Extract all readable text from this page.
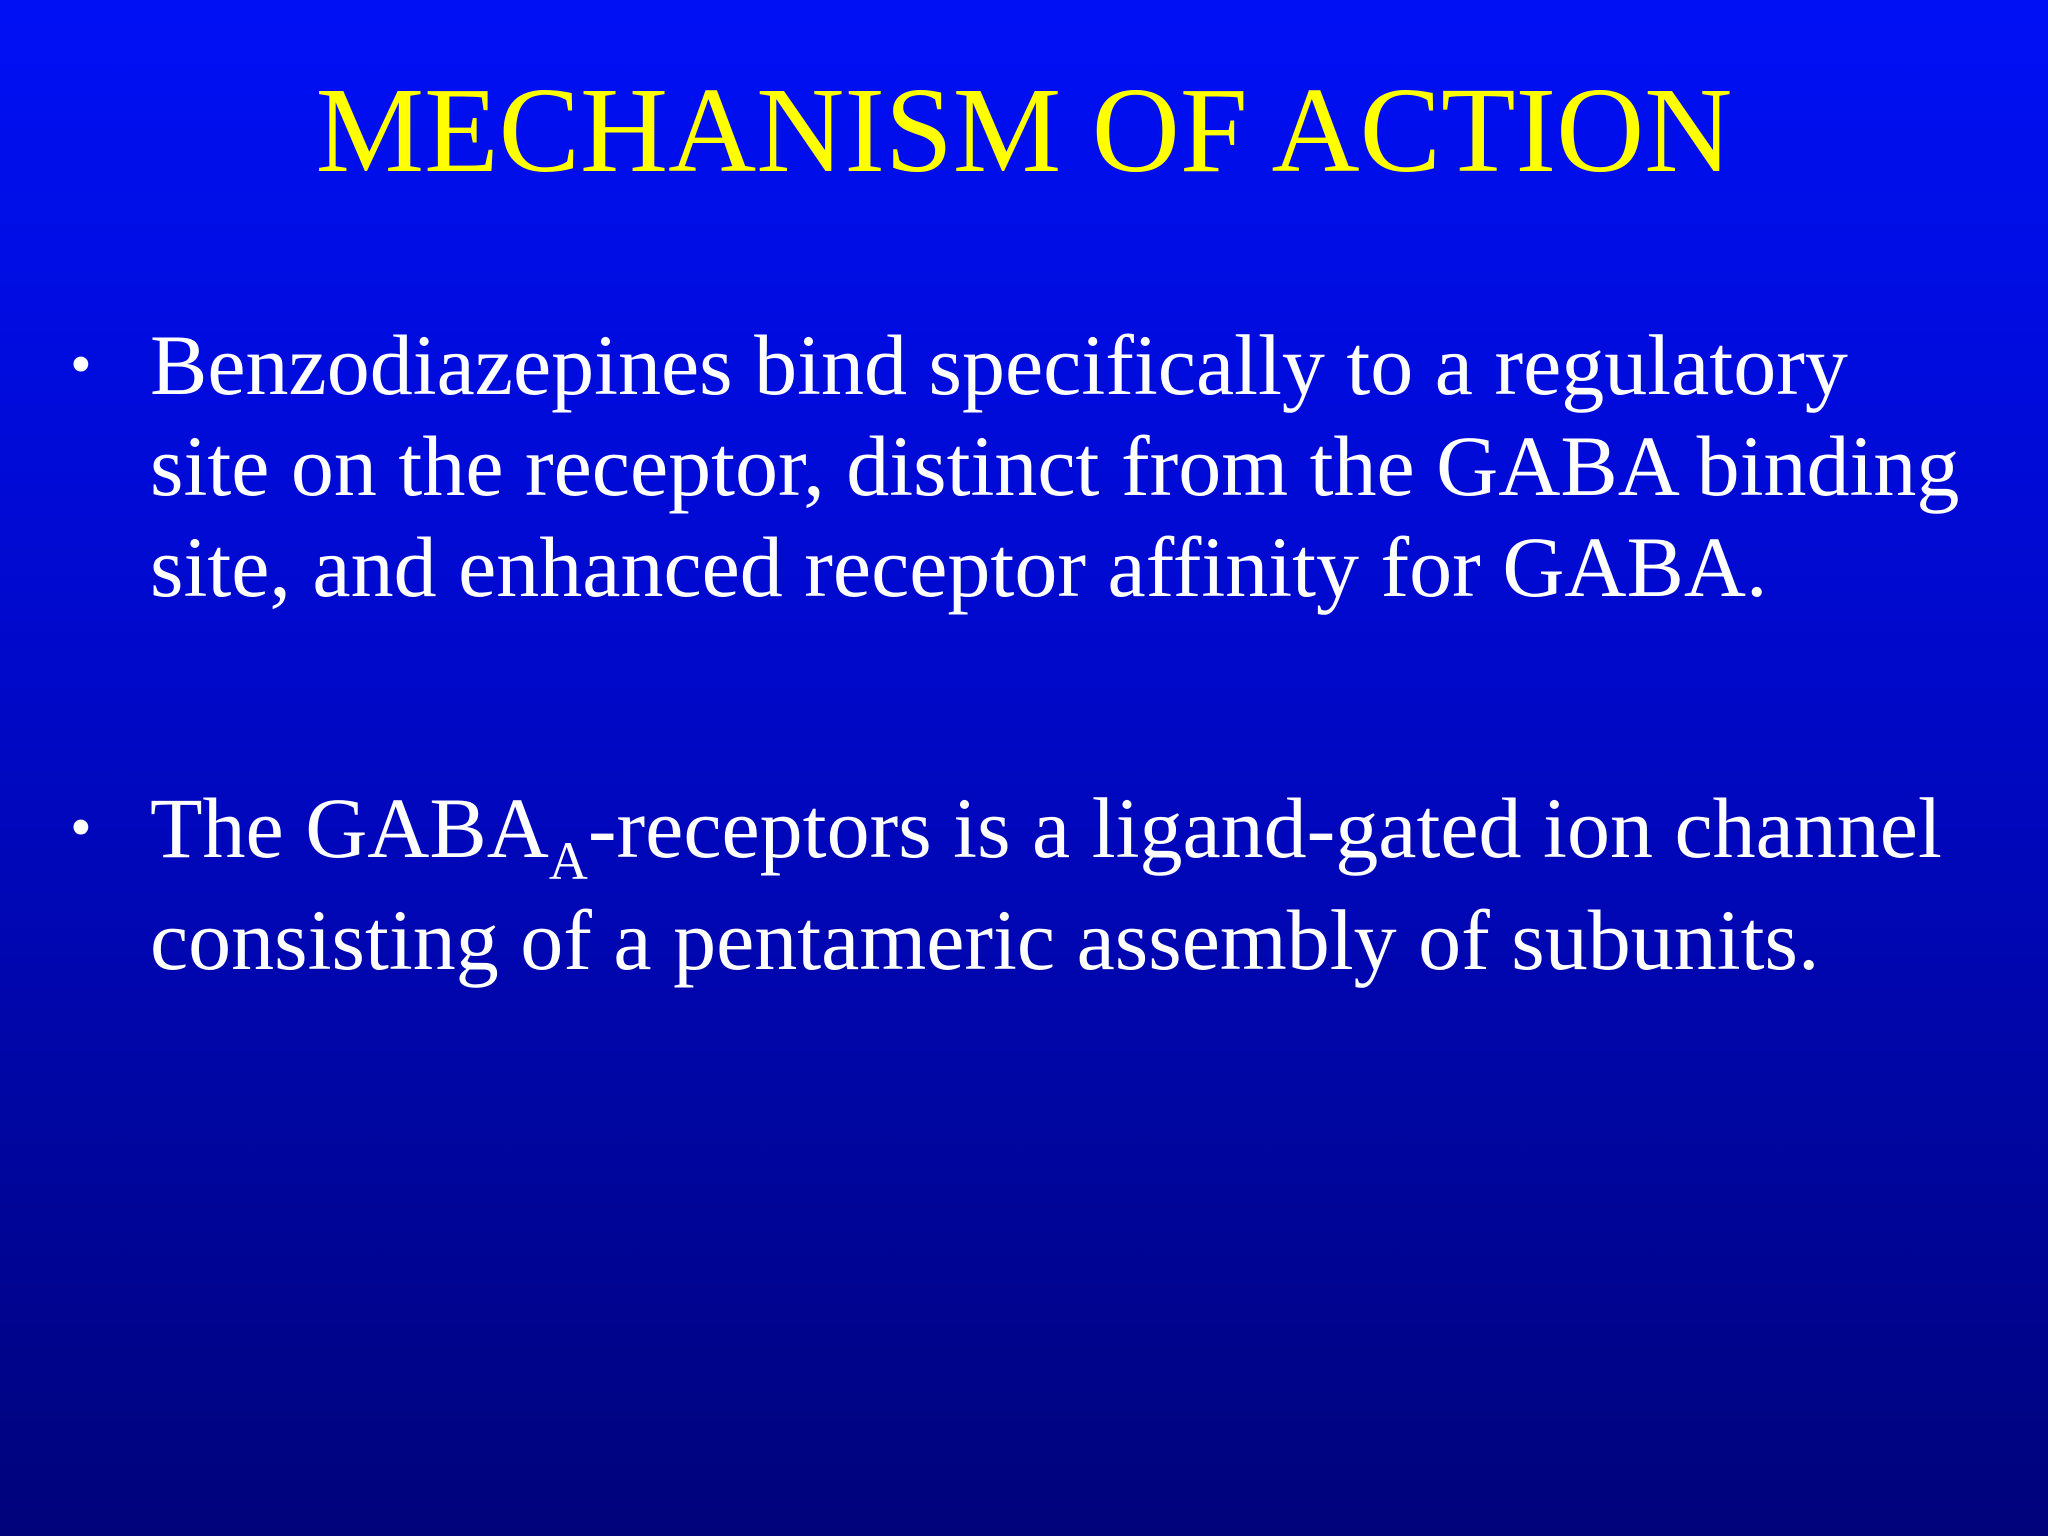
MECHANISM OF ACTION
• Benzodiazepines bind specifically to a regulatory site on the receptor, distinct from the GABA binding site, and enhanced receptor affinity for GABA.
• The $GABA_A$-receptors is a ligand-gated ion channel consisting of a pentameric assembly of subunits.
